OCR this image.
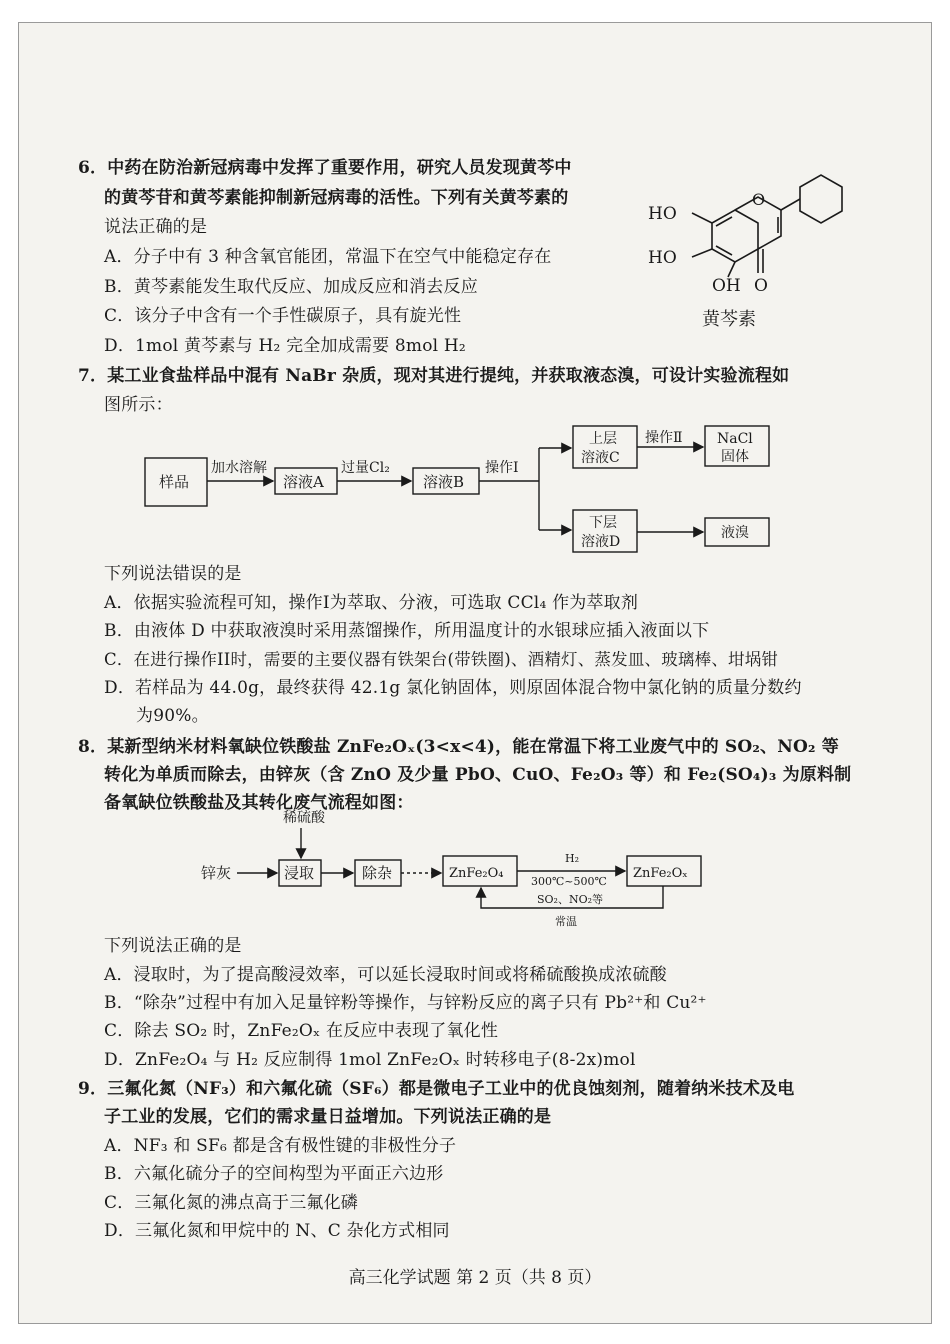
6．中药在防治新冠病毒中发挥了重要作用，研究人员发现黄芩中
的黄芩苷和黄芩素能抑制新冠病毒的活性。下列有关黄芩素的
说法正确的是
A．分子中有 3 种含氧官能团，常温下在空气中能稳定存在
B．黄芩素能发生取代反应、加成反应和消去反应
C．该分子中含有一个手性碳原子，具有旋光性
D．1mol 黄芩素与 H₂ 完全加成需要 8mol H₂
HO
HO
OH
O
O
黄芩素
7．某工业食盐样品中混有 NaBr 杂质，现对其进行提纯，并获取液态溴，可设计实验流程如
图所示：
样品
加水溶解
溶液A
过量Cl₂
溶液B
操作I
上层
溶液C
操作Ⅱ NaCl
固体
下层
溶液D
液溴
下列说法错误的是
A．依据实验流程可知，操作I为萃取、分液，可选取 CCl₄ 作为萃取剂
B．由液体 D 中获取液溴时采用蒸馏操作，所用温度计的水银球应插入液面以下
C．在进行操作II时，需要的主要仪器有铁架台(带铁圈)、酒精灯、蒸发皿、玻璃棒、坩埚钳
D．若样品为 44.0g，最终获得 42.1g 氯化钠固体，则原固体混合物中氯化钠的质量分数约
为90%。
8．某新型纳米材料氧缺位铁酸盐 ZnFe₂Oₓ(3<x<4)，能在常温下将工业废气中的 SO₂、NO₂ 等
转化为单质而除去，由锌灰（含 ZnO 及少量 PbO、CuO、Fe₂O₃ 等）和 Fe₂(SO₄)₃ 为原料制
备氧缺位铁酸盐及其转化废气流程如图：
稀硫酸
锌灰	浸取	除杂	ZnFe₂O₄
H₂
300℃~500℃
ZnFe₂Oₓ
SO₂、NO₂等
常温
下列说法正确的是
A．浸取时，为了提高酸浸效率，可以延长浸取时间或将稀硫酸换成浓硫酸
B．“除杂”过程中有加入足量锌粉等操作，与锌粉反应的离子只有 Pb²⁺和 Cu²⁺
C．除去 SO₂ 时，ZnFe₂Oₓ 在反应中表现了氧化性
D．ZnFe₂O₄ 与 H₂ 反应制得 1mol ZnFe₂Oₓ 时转移电子(8-2x)mol
9．三氟化氮（NF₃）和六氟化硫（SF₆）都是微电子工业中的优良蚀刻剂，随着纳米技术及电
子工业的发展，它们的需求量日益增加。下列说法正确的是
A．NF₃ 和 SF₆ 都是含有极性键的非极性分子
B．六氟化硫分子的空间构型为平面正六边形
C．三氟化氮的沸点高于三氟化磷
D．三氟化氮和甲烷中的 N、C 杂化方式相同
高三化学试题 第 2 页（共 8 页）
